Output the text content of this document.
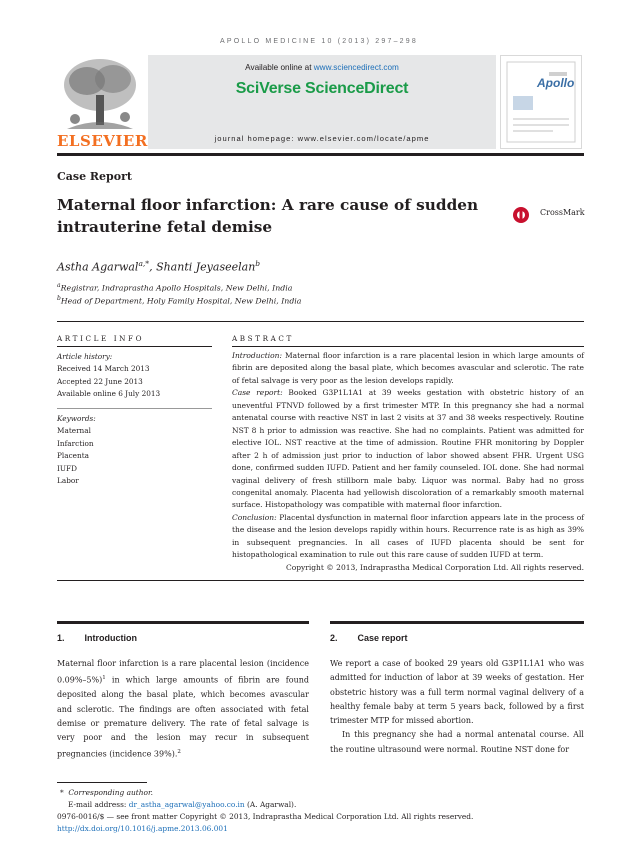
APOLLO MEDICINE 10 (2013) 297–298
ELSEVIER
Available online at www.sciencedirect.com
SciVerse ScienceDirect
journal homepage: www.elsevier.com/locate/apme
Apollo
Case Report
Maternal floor infarction: A rare cause of sudden intrauterine fetal demise
CrossMark
Astha Agarwal$^{a,*}$, Shanti Jeyaseelan$^b$
$^a$Registrar, Indraprastha Apollo Hospitals, New Delhi, India
$^b$Head of Department, Holy Family Hospital, New Delhi, India
ARTICLE INFO	ABSTRACT
Article history:
Received 14 March 2013
Accepted 22 June 2013
Available online 6 July 2013
Keywords:
Maternal
Infarction
Placenta
IUFD
Labor

Introduction: Maternal floor infarction is a rare placental lesion in which large amounts of fibrin are deposited along the basal plate, which becomes avascular and sclerotic. The rate of fetal salvage is very poor as the lesion develops rapidly.

Case report: Booked G3P1L1A1 at 39 weeks gestation with obstetric history of an uneventful FTNVD followed by a first trimester MTP. In this pregnancy she had a normal antenatal course with reactive NST in last 2 visits at 37 and 38 weeks respectively. Routine NST 8 h prior to admission was reactive. She had no complaints. Patient was admitted for elective IOL. NST reactive at the time of admission. Routine FHR monitoring by Doppler after 2 h of admission just prior to induction of labor showed absent FHR. Urgent USG done, confirmed sudden IUFD. Patient and her family counseled. IOL done. She had normal vaginal delivery of fresh stillborn male baby. Liquor was normal. Baby had no gross congenital anomaly. Placenta had yellowish discoloration of a remarkably smooth maternal surface. Histopathology was compatible with maternal floor infarction.

Conclusion: Placental dysfunction in maternal floor infarction appears late in the process of the disease and the lesion develops rapidly within hours. Recurrence rate is as high as 39% in subsequent pregnancies. In all cases of IUFD placenta should be sent for histopathological examination to rule out this rare cause of sudden IUFD at term.

Copyright © 2013, Indraprastha Medical Corporation Ltd. All rights reserved.

1.        Introduction	2.        Case report

Maternal floor infarction is a rare placental lesion (incidence 0.09%–5%)$^1$ in which large amounts of fibrin are found deposited along the basal plate, which becomes avascular and sclerotic. The findings are often associated with fetal demise or premature delivery. The rate of fetal salvage is very poor and the lesion may recur in subsequent pregnancies (incidence 39%).$^2$

We report a case of booked 29 years old G3P1L1A1 who was admitted for induction of labor at 39 weeks of gestation. Her obstetric history was a full term normal vaginal delivery of a healthy female baby at term 5 years back, followed by a first trimester MTP for missed abortion.

In this pregnancy she had a normal antenatal course. All the routine ultrasound were normal. Routine NST done for

* Corresponding author.
E-mail address: dr_astha_agarwal@yahoo.co.in (A. Agarwal).
0976-0016/$ — see front matter Copyright © 2013, Indraprastha Medical Corporation Ltd. All rights reserved.
http://dx.doi.org/10.1016/j.apme.2013.06.001
